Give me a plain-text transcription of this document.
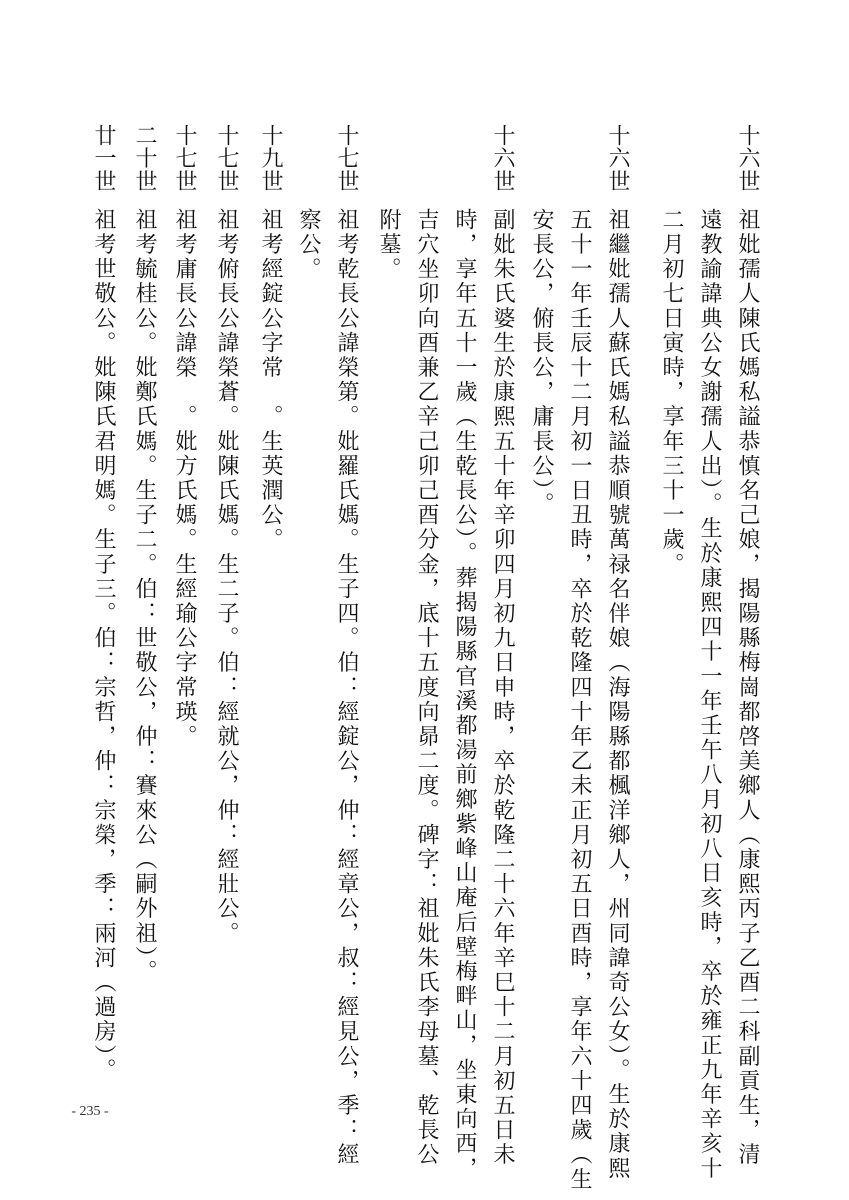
- 235 -
十六世
祖妣孺人陳氏媽私謚恭慎名己娘，揭陽縣梅崗都啓美鄉人（康熙丙子乙酉二科副貢生，清
遠教諭諱典公女謝孺人出）。生於康熙四十一年壬午八月初八日亥時，卒於雍正九年辛亥十
二月初七日寅時，享年三十一歲。
十六世
祖繼妣孺人蘇氏媽私謚恭順號萬禄名伴娘（海陽縣都楓洋鄉人，州同諱奇公女）。生於康熙
五十一年壬辰十二月初一日丑時，卒於乾隆四十年乙未正月初五日酉時，享年六十四歲（生
安長公，俯長公，庸長公）。
十六世
副妣朱氏婆生於康熙五十年辛卯四月初九日申時，卒於乾隆二十六年辛巳十二月初五日未
時，享年五十一歲（生乾長公）。葬揭陽縣官溪都湯前鄉紫峰山庵后壁梅畔山，坐東向西，
吉穴坐卯向酉兼乙辛己卯己酉分金，底十五度向昴二度。碑字：祖妣朱氏李母墓、乾長公
附墓。
十七世
祖考乾長公諱榮第。妣羅氏媽。生子四。伯：經錠公，仲：經章公，叔：經見公，季：經
察公。
十九世
祖考經錠公字常　。生英潤公。
十七世
祖考俯長公諱榮蒼。妣陳氏媽。生二子。伯：經就公，仲：經壯公。
十七世
祖考庸長公諱榮　。妣方氏媽。生經瑜公字常瑛。
二十世
祖考毓桂公。妣鄭氏媽。生子二。伯：世敬公，仲：賽來公（嗣外祖）。
廿一世
祖考世敬公。妣陳氏君明媽。生子三。伯：宗哲，仲：宗榮，季：兩河（過房）。
